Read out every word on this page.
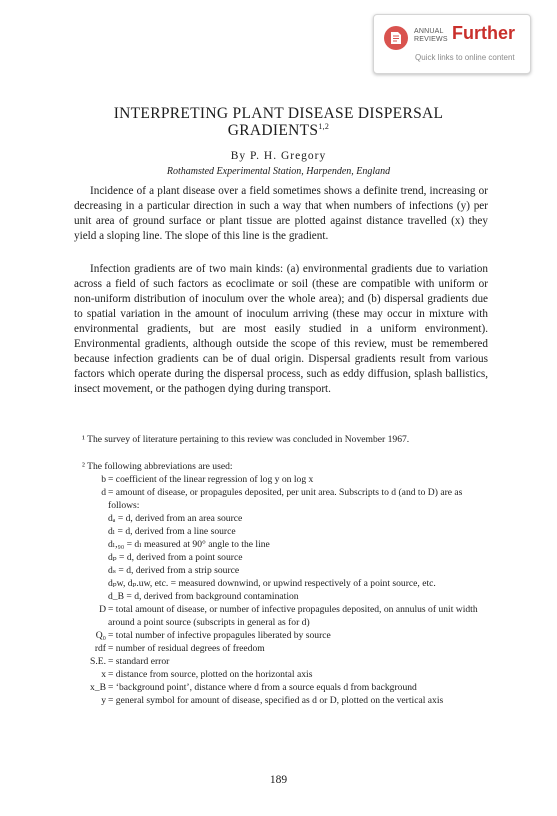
ANNUAL
REVIEWS Further
Quick links to online content
INTERPRETING PLANT DISEASE DISPERSAL
GRADIENTS$^{1,2}$
By P. H. Gregory
Rothamsted Experimental Station, Harpenden, England

Incidence of a plant disease over a field sometimes shows a definite trend, increasing or decreasing in a particular direction in such a way that when numbers of infections (y) per unit area of ground surface or plant tissue are plotted against distance travelled (x) they yield a sloping line. The slope of this line is the gradient.

Infection gradients are of two main kinds: (a) environmental gradients due to variation across a field of such factors as ecoclimate or soil (these are compatible with uniform or non-uniform distribution of inoculum over the whole area); and (b) dispersal gradients due to spatial variation in the amount of inoculum arriving (these may occur in mixture with environmental gradients, but are most easily studied in a uniform environment). Environmental gradients, although outside the scope of this review, must be remembered because infection gradients can be of dual origin. Dispersal gradients result from various factors which operate during the dispersal process, such as eddy diffusion, splash ballistics, insect movement, or the pathogen dying during transport.

¹ The survey of literature pertaining to this review was concluded in November 1967.

² The following abbreviations are used:
b = coefficient of the linear regression of log y on log x
d = amount of disease, or propagules deposited, per unit area. Subscripts to d (and to D) are as follows:
dₐ = d, derived from an area source
dₗ = d, derived from a line source
dₗ,₉₀ = dₗ measured at 90° angle to the line
dₚ = d, derived from a point source
dₛ = d, derived from a strip source
dₚw, dₚ.uw, etc. = measured downwind, or upwind respectively of a point source, etc.
d_B = d, derived from background contamination
D = total amount of disease, or number of infective propagules deposited, on annulus of unit width around a point source (subscripts in general as for d)
Q₀ = total number of infective propagules liberated by source
rdf = number of residual degrees of freedom
S.E. = standard error
x = distance from source, plotted on the horizontal axis
x_B = ‘background point’, distance where d from a source equals d from background
y = general symbol for amount of disease, specified as d or D, plotted on the vertical axis
189
